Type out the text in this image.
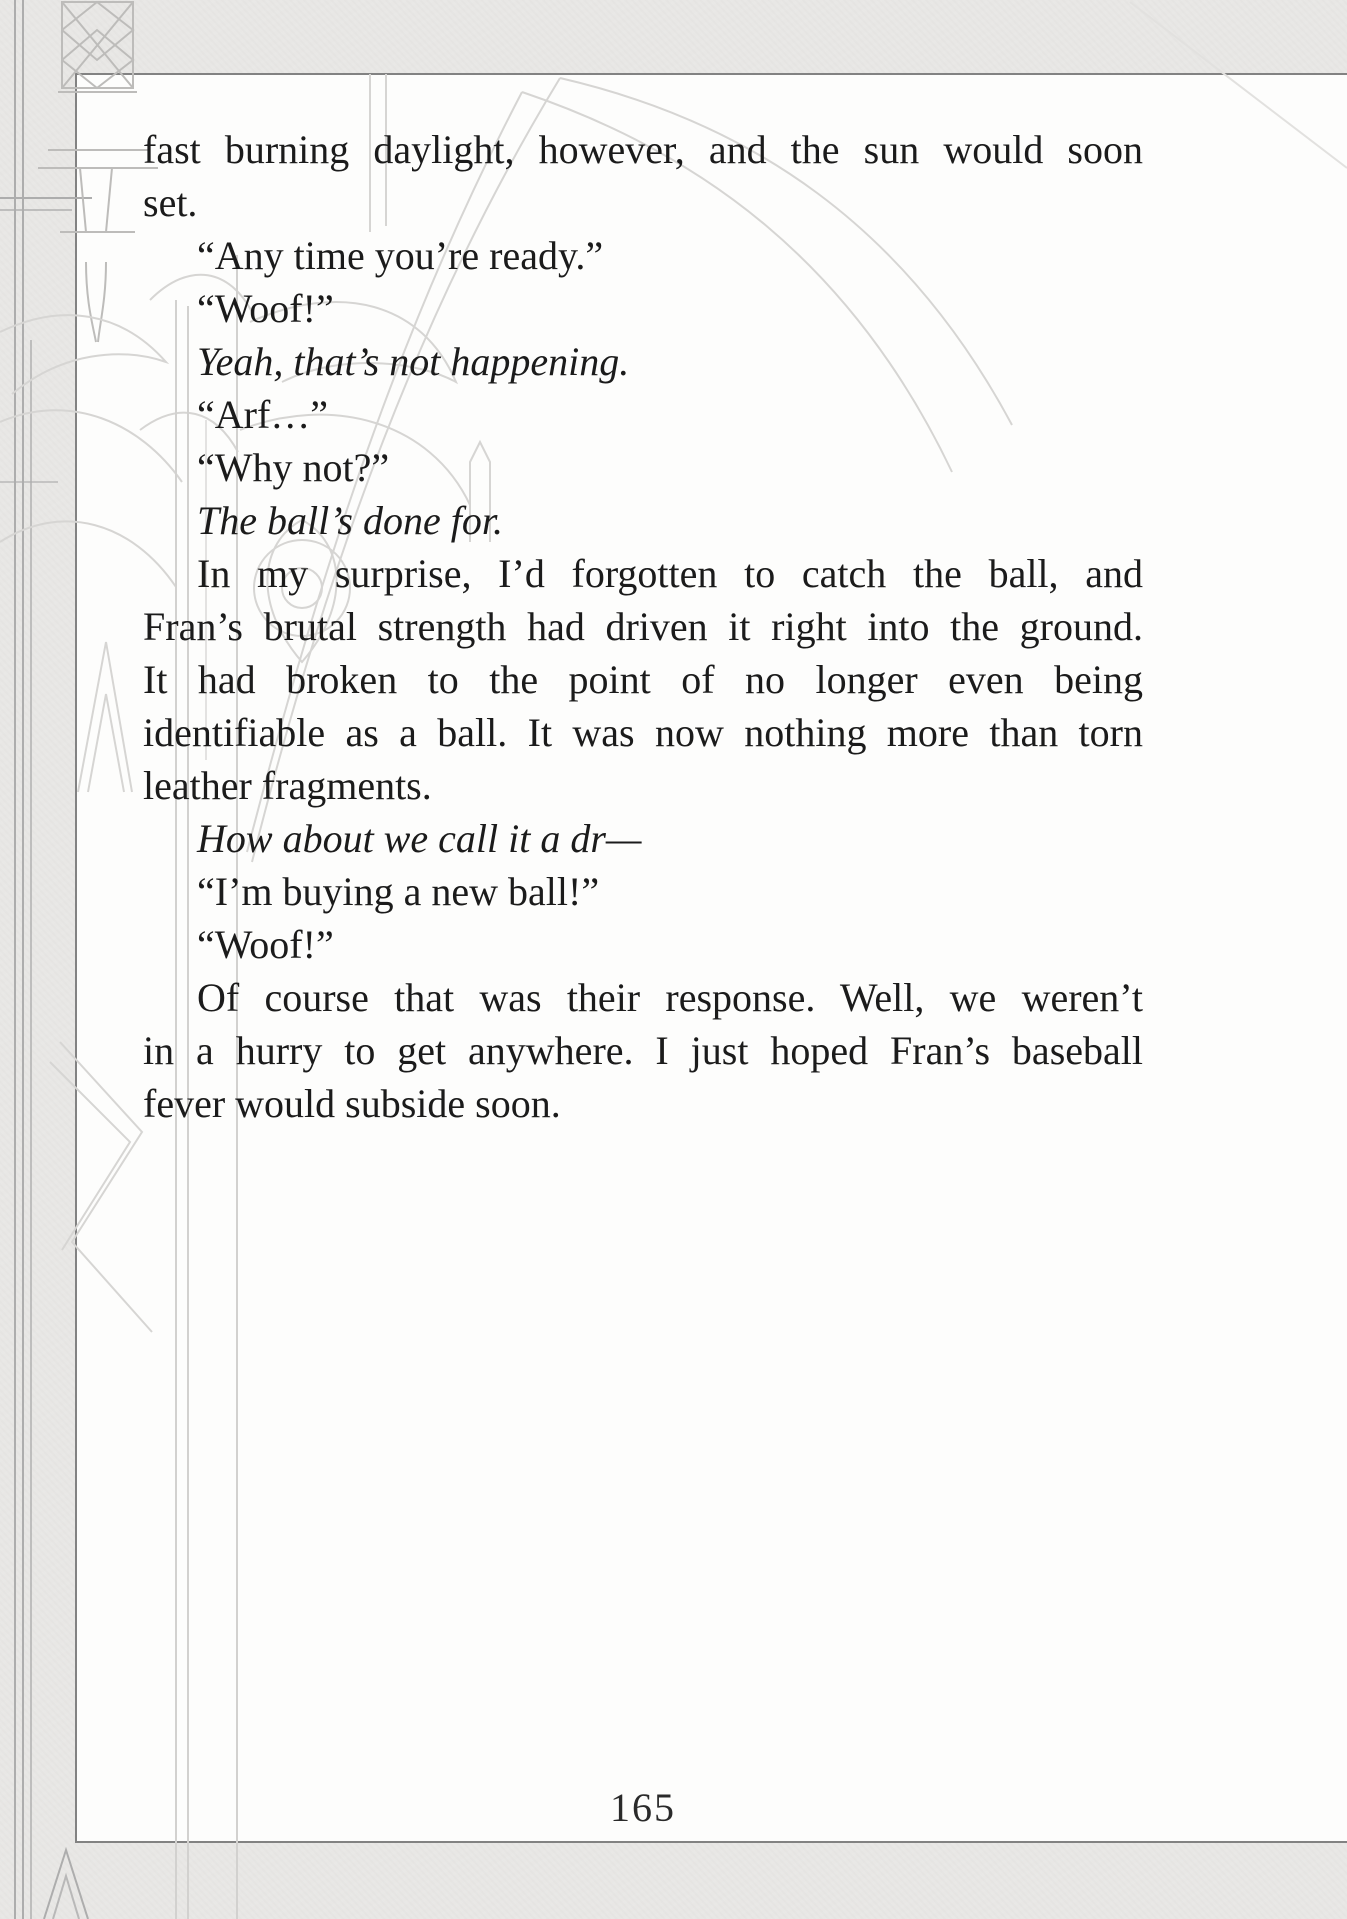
fast burning daylight, however, and the sun would soon
set.
“Any time you’re ready.”
“Woof!”
Yeah, that’s not happening.
“Arf…”
“Why not?”
The ball’s done for.
In my surprise, I’d forgotten to catch the ball, and
Fran’s brutal strength had driven it right into the ground.
It had broken to the point of no longer even being
identifiable as a ball. It was now nothing more than torn
leather fragments.
How about we call it a dr—
“I’m buying a new ball!”
“Woof!”
Of course that was their response. Well, we weren’t
in a hurry to get anywhere. I just hoped Fran’s baseball
fever would subside soon.
165
